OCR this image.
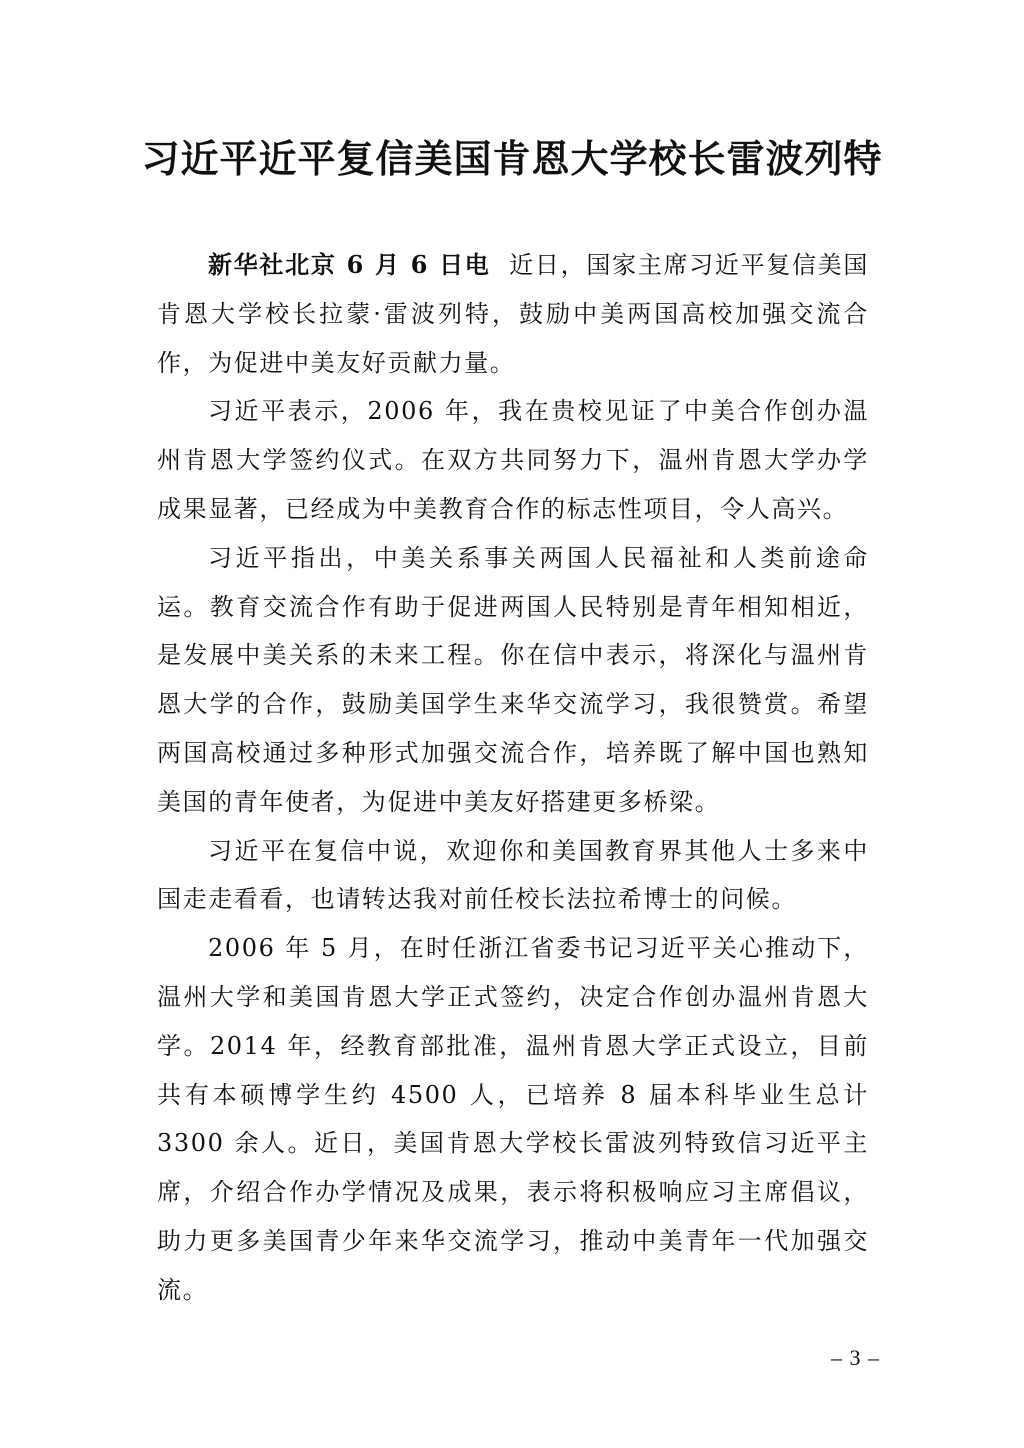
习近平近平复信美国肯恩大学校长雷波列特

新华社北京 6 月 6 日电 近日，国家主席习近平复信美国肯恩大学校长拉蒙·雷波列特，鼓励中美两国高校加强交流合作，为促进中美友好贡献力量。

习近平表示，2006 年，我在贵校见证了中美合作创办温州肯恩大学签约仪式。在双方共同努力下，温州肯恩大学办学成果显著，已经成为中美教育合作的标志性项目，令人高兴。

习近平指出，中美关系事关两国人民福祉和人类前途命运。教育交流合作有助于促进两国人民特别是青年相知相近，是发展中美关系的未来工程。你在信中表示，将深化与温州肯恩大学的合作，鼓励美国学生来华交流学习，我很赞赏。希望两国高校通过多种形式加强交流合作，培养既了解中国也熟知美国的青年使者，为促进中美友好搭建更多桥梁。

习近平在复信中说，欢迎你和美国教育界其他人士多来中国走走看看，也请转达我对前任校长法拉希博士的问候。

2006 年 5 月，在时任浙江省委书记习近平关心推动下，温州大学和美国肯恩大学正式签约，决定合作创办温州肯恩大学。2014 年，经教育部批准，温州肯恩大学正式设立，目前共有本硕博学生约 4500 人，已培养 8 届本科毕业生总计 3300 余人。近日，美国肯恩大学校长雷波列特致信习近平主席，介绍合作办学情况及成果，表示将积极响应习主席倡议，助力更多美国青少年来华交流学习，推动中美青年一代加强交流。

– 3 –
